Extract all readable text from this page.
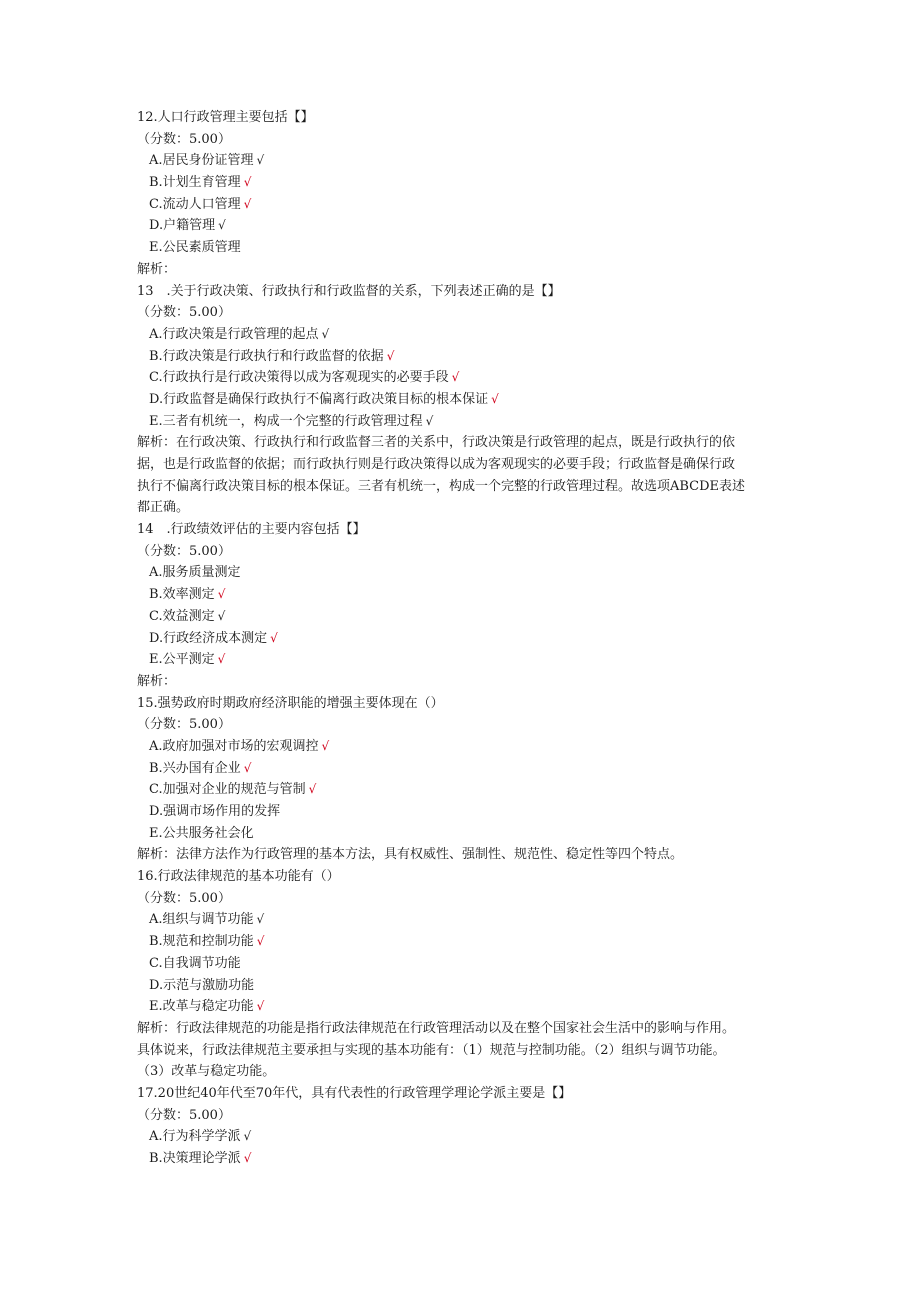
12.人口行政管理主要包括【】
（分数：5.00）
A.居民身份证管理 √
B.计划生育管理 √
C.流动人口管理 √
D.户籍管理 √
E.公民素质管理
解析：
13　.关于行政决策、行政执行和行政监督的关系，下列表述正确的是【】
（分数：5.00）
A.行政决策是行政管理的起点 √
B.行政决策是行政执行和行政监督的依据 √
C.行政执行是行政决策得以成为客观现实的必要手段 √
D.行政监督是确保行政执行不偏离行政决策目标的根本保证 √
E.三者有机统一，构成一个完整的行政管理过程 √
解析：在行政决策、行政执行和行政监督三者的关系中，行政决策是行政管理的起点，既是行政执行的依
据，也是行政监督的依据；而行政执行则是行政决策得以成为客观现实的必要手段；行政监督是确保行政
执行不偏离行政决策目标的根本保证。三者有机统一，构成一个完整的行政管理过程。故选项ABCDE表述
都正确。
14　.行政绩效评估的主要内容包括【】
（分数：5.00）
A.服务质量测定
B.效率测定 √
C.效益测定 √
D.行政经济成本测定 √
E.公平测定 √
解析：
15.强势政府时期政府经济职能的增强主要体现在（）
（分数：5.00）
A.政府加强对市场的宏观调控 √
B.兴办国有企业 √
C.加强对企业的规范与管制 √
D.强调市场作用的发挥
E.公共服务社会化
解析：法律方法作为行政管理的基本方法，具有权威性、强制性、规范性、稳定性等四个特点。
16.行政法律规范的基本功能有（）
（分数：5.00）
A.组织与调节功能 √
B.规范和控制功能 √
C.自我调节功能
D.示范与激励功能
E.改革与稳定功能 √
解析：行政法律规范的功能是指行政法律规范在行政管理活动以及在整个国家社会生活中的影响与作用。
具体说来，行政法律规范主要承担与实现的基本功能有：（1）规范与控制功能。（2）组织与调节功能。
（3）改革与稳定功能。
17.20世纪40年代至70年代，具有代表性的行政管理学理论学派主要是【】
（分数：5.00）
A.行为科学学派 √
B.决策理论学派 √
